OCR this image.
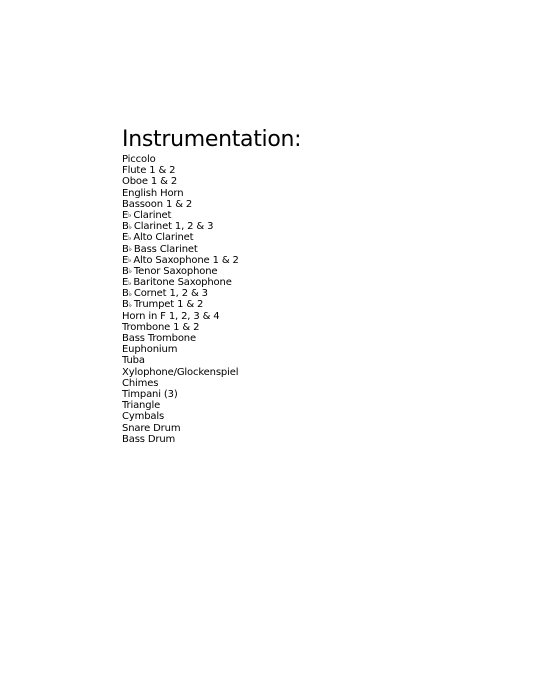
Instrumentation:
Piccolo
Flute 1 & 2
Oboe 1 & 2
English Horn
Bassoon 1 & 2
E♭ Clarinet
B♭ Clarinet 1, 2 & 3
E♭ Alto Clarinet
B♭ Bass Clarinet
E♭ Alto Saxophone 1 & 2
B♭ Tenor Saxophone
E♭ Baritone Saxophone
B♭ Cornet 1, 2 & 3
B♭ Trumpet 1 & 2
Horn in F 1, 2, 3 & 4
Trombone 1 & 2
Bass Trombone
Euphonium
Tuba
Xylophone/Glockenspiel
Chimes
Timpani (3)
Triangle
Cymbals
Snare Drum
Bass Drum
